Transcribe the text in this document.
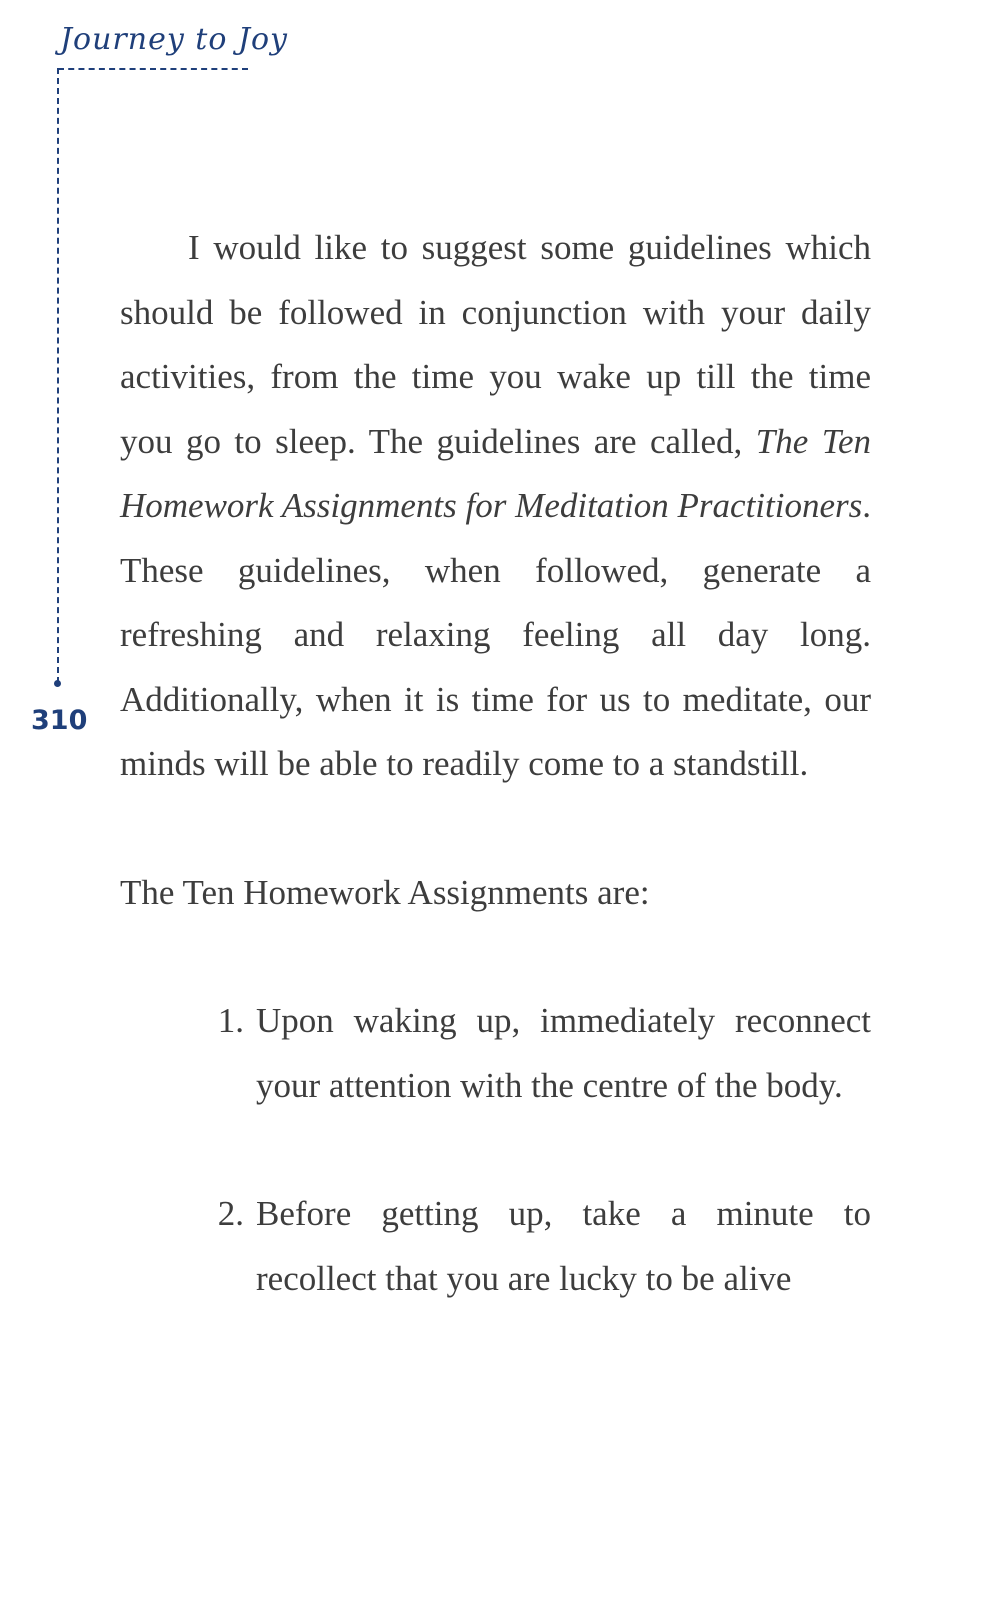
Journey to Joy
310

I would like to suggest some guidelines which should be followed in conjunction with your daily activities, from the time you wake up till the time you go to sleep. The guidelines are called, The Ten Homework Assignments for Meditation Practitioners. These guidelines, when followed, generate a refreshing and relaxing feeling all day long. Additionally, when it is time for us to meditate, our minds will be able to readily come to a standstill.

The Ten Homework Assignments are:

1. Upon waking up, immediately reconnect your attention with the centre of the body.
2. Before getting up, take a minute to recollect that you are lucky to be alive
